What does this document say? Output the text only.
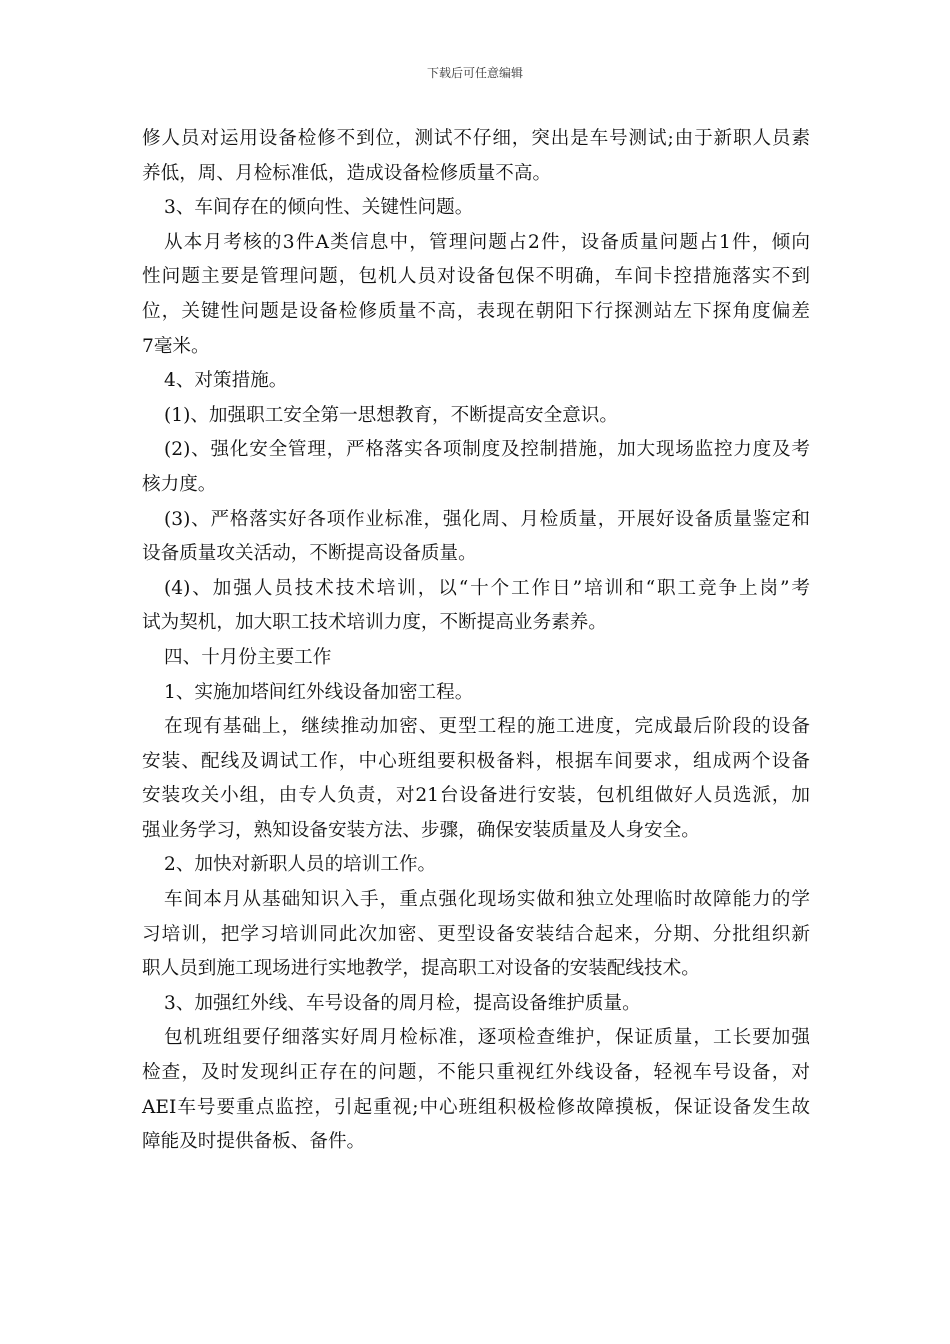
下载后可任意编辑
修人员对运用设备检修不到位，测试不仔细，突出是车号测试;由于新职人员素
养低，周、月检标准低，造成设备检修质量不高。
3、车间存在的倾向性、关键性问题。
从本月考核的3件A类信息中，管理问题占2件，设备质量问题占1件，倾向
性问题主要是管理问题，包机人员对设备包保不明确，车间卡控措施落实不到
位，关键性问题是设备检修质量不高，表现在朝阳下行探测站左下探角度偏差
7毫米。
4、对策措施。
(1)、加强职工安全第一思想教育，不断提高安全意识。
(2)、强化安全管理，严格落实各项制度及控制措施，加大现场监控力度及考
核力度。
(3)、严格落实好各项作业标准，强化周、月检质量，开展好设备质量鉴定和
设备质量攻关活动，不断提高设备质量。
(4)、加强人员技术技术培训，以“十个工作日”培训和“职工竞争上岗”考
试为契机，加大职工技术培训力度，不断提高业务素养。
四、十月份主要工作
1、实施加塔间红外线设备加密工程。
在现有基础上，继续推动加密、更型工程的施工进度，完成最后阶段的设备
安装、配线及调试工作，中心班组要积极备料，根据车间要求，组成两个设备
安装攻关小组，由专人负责，对21台设备进行安装，包机组做好人员选派，加
强业务学习，熟知设备安装方法、步骤，确保安装质量及人身安全。
2、加快对新职人员的培训工作。
车间本月从基础知识入手，重点强化现场实做和独立处理临时故障能力的学
习培训，把学习培训同此次加密、更型设备安装结合起来，分期、分批组织新
职人员到施工现场进行实地教学，提高职工对设备的安装配线技术。
3、加强红外线、车号设备的周月检，提高设备维护质量。
包机班组要仔细落实好周月检标准，逐项检查维护，保证质量，工长要加强
检查，及时发现纠正存在的问题，不能只重视红外线设备，轻视车号设备，对
AEI车号要重点监控，引起重视;中心班组积极检修故障摸板，保证设备发生故
障能及时提供备板、备件。
